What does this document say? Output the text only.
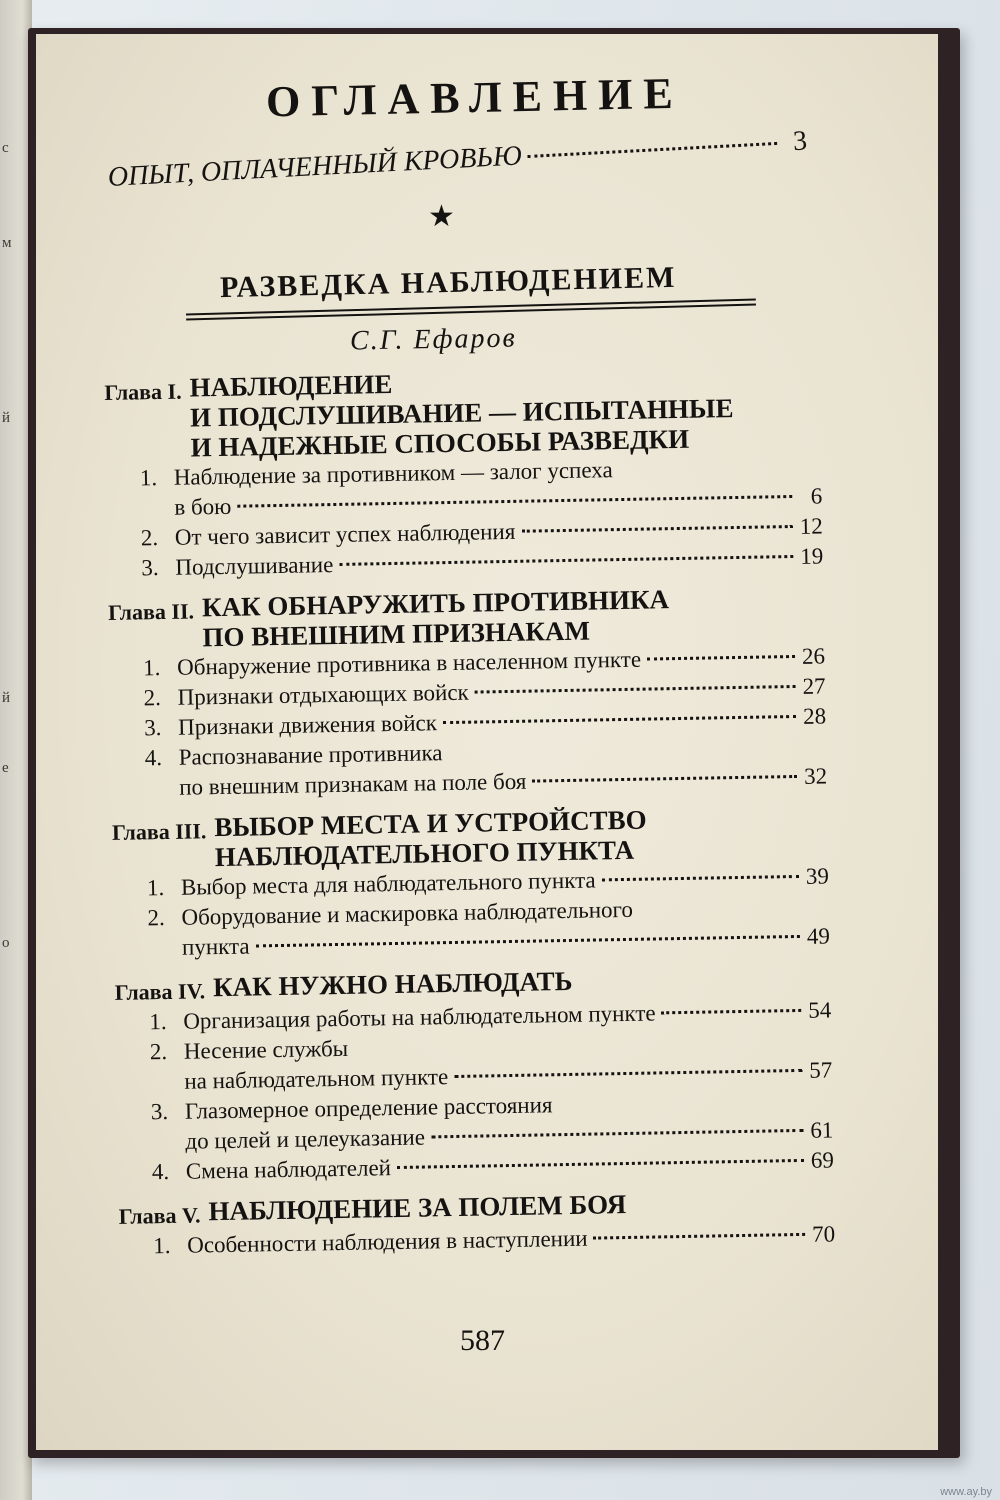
с
м
й
й
е
о
ОГЛАВЛЕНИЕ
ОПЫТ, ОПЛАЧЕННЫЙ КРОВЬЮ	3
★
РАЗВЕДКА НАБЛЮДЕНИЕМ
С.Г. Ефаров
Глава I. НАБЛЮДЕНИЕ
И ПОДСЛУШИВАНИЕ — ИСПЫТАННЫЕ
И НАДЕЖНЫЕ СПОСОБЫ РАЗВЕДКИ
1. Наблюдение за противником — залог успеха
в бою	6
2. От чего зависит успех наблюдения	12
3. Подслушивание	19
Глава II. КАК ОБНАРУЖИТЬ ПРОТИВНИКА
ПО ВНЕШНИМ ПРИЗНАКАМ
1. Обнаружение противника в населенном пункте	26
2. Признаки отдыхающих войск	27
3. Признаки движения войск	28
4. Распознавание противника
по внешним признакам на поле боя	32
Глава III. ВЫБОР МЕСТА И УСТРОЙСТВО
НАБЛЮДАТЕЛЬНОГО ПУНКТА
1. Выбор места для наблюдательного пункта	39
2. Оборудование и маскировка наблюдательного
пункта	49
Глава IV. КАК НУЖНО НАБЛЮДАТЬ
1. Организация работы на наблюдательном пункте	54
2. Несение службы
на наблюдательном пункте	57
3. Глазомерное определение расстояния
до целей и целеуказание	61
4. Смена наблюдателей	69
Глава V. НАБЛЮДЕНИЕ ЗА ПОЛЕМ БОЯ
1. Особенности наблюдения в наступлении	70
587
www.ay.by
